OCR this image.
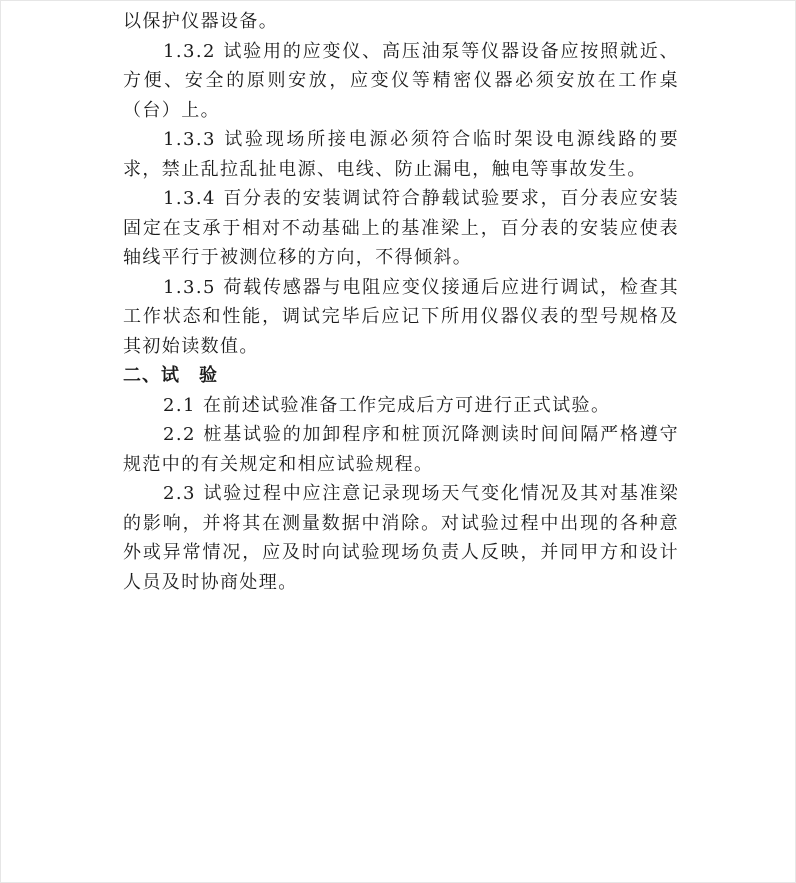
以保护仪器设备。

1.3.2 试验用的应变仪、高压油泵等仪器设备应按照就近、方便、安全的原则安放，应变仪等精密仪器必须安放在工作桌（台）上。

1.3.3 试验现场所接电源必须符合临时架设电源线路的要求，禁止乱拉乱扯电源、电线、防止漏电，触电等事故发生。

1.3.4 百分表的安装调试符合静载试验要求，百分表应安装固定在支承于相对不动基础上的基准梁上，百分表的安装应使表轴线平行于被测位移的方向，不得倾斜。

1.3.5 荷载传感器与电阻应变仪接通后应进行调试，检查其工作状态和性能，调试完毕后应记下所用仪器仪表的型号规格及其初始读数值。

二、试　验

2.1 在前述试验准备工作完成后方可进行正式试验。

2.2 桩基试验的加卸程序和桩顶沉降测读时间间隔严格遵守规范中的有关规定和相应试验规程。

2.3 试验过程中应注意记录现场天气变化情况及其对基准梁的影响，并将其在测量数据中消除。对试验过程中出现的各种意外或异常情况，应及时向试验现场负责人反映，并同甲方和设计人员及时协商处理。
